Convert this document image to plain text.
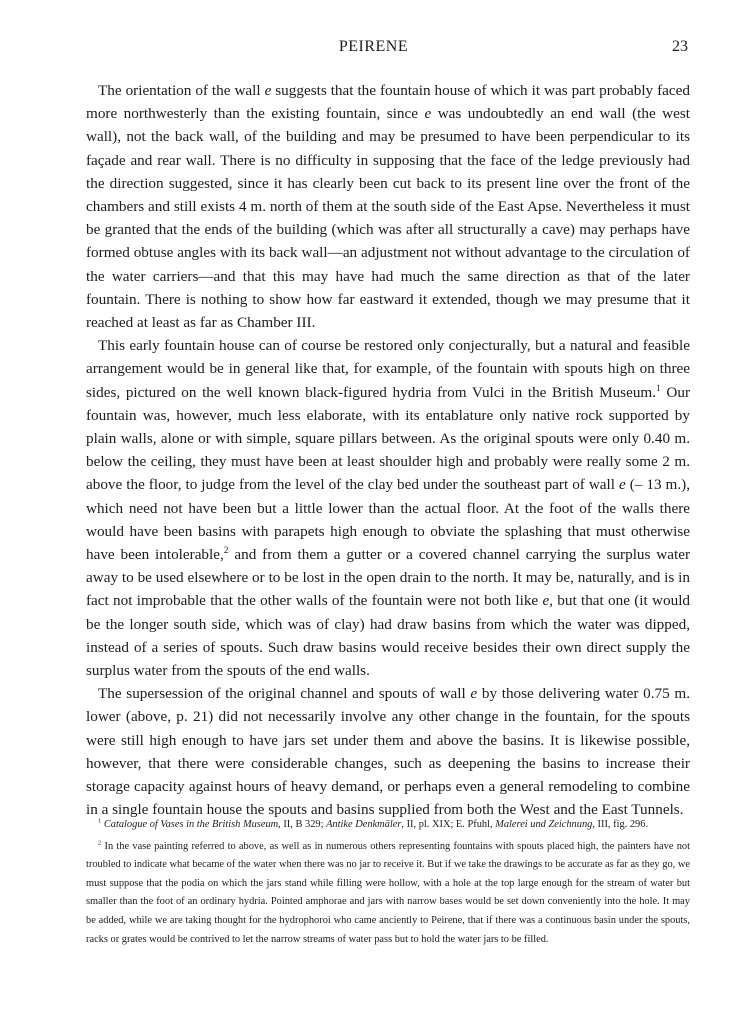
PEIRENE	23

The orientation of the wall e suggests that the fountain house of which it was part probably faced more northwesterly than the existing fountain, since e was undoubtedly an end wall (the west wall), not the back wall, of the building and may be presumed to have been perpendicular to its façade and rear wall. There is no difficulty in supposing that the face of the ledge previously had the direction suggested, since it has clearly been cut back to its present line over the front of the chambers and still exists 4 m. north of them at the south side of the East Apse. Nevertheless it must be granted that the ends of the building (which was after all structurally a cave) may perhaps have formed obtuse angles with its back wall—an adjustment not without advantage to the circulation of the water carriers—and that this may have had much the same direction as that of the later fountain. There is nothing to show how far eastward it extended, though we may presume that it reached at least as far as Chamber III.

This early fountain house can of course be restored only conjecturally, but a natural and feasible arrangement would be in general like that, for example, of the fountain with spouts high on three sides, pictured on the well known black-figured hydria from Vulci in the British Museum.$^1$ Our fountain was, however, much less elaborate, with its entablature only native rock supported by plain walls, alone or with simple, square pillars between. As the original spouts were only 0.40 m. below the ceiling, they must have been at least shoulder high and probably were really some 2 m. above the floor, to judge from the level of the clay bed under the southeast part of wall e (– 13 m.), which need not have been but a little lower than the actual floor. At the foot of the walls there would have been basins with parapets high enough to obviate the splashing that must otherwise have been intolerable,$^2$ and from them a gutter or a covered channel carrying the surplus water away to be used elsewhere or to be lost in the open drain to the north. It may be, naturally, and is in fact not improbable that the other walls of the fountain were not both like e, but that one (it would be the longer south side, which was of clay) had draw basins from which the water was dipped, instead of a series of spouts. Such draw basins would receive besides their own direct supply the surplus water from the spouts of the end walls.

The supersession of the original channel and spouts of wall e by those delivering water 0.75 m. lower (above, p. 21) did not necessarily involve any other change in the fountain, for the spouts were still high enough to have jars set under them and above the basins. It is likewise possible, however, that there were considerable changes, such as deepening the basins to increase their storage capacity against hours of heavy demand, or perhaps even a general remodeling to combine in a single fountain house the spouts and basins supplied from both the West and the East Tunnels.

$^1$ Catalogue of Vases in the British Museum, II, B 329; Antike Denkmäler, II, pl. XIX; E. Pfuhl, Malerei und Zeichnung, III, fig. 296.

$^2$ In the vase painting referred to above, as well as in numerous others representing fountains with spouts placed high, the painters have not troubled to indicate what became of the water when there was no jar to receive it. But if we take the drawings to be accurate as far as they go, we must suppose that the podia on which the jars stand while filling were hollow, with a hole at the top large enough for the stream of water but smaller than the foot of an ordinary hydria. Pointed amphorae and jars with narrow bases would be set down conveniently into the hole. It may be added, while we are taking thought for the hydrophoroi who came anciently to Peirene, that if there was a continuous basin under the spouts, racks or grates would be contrived to let the narrow streams of water pass but to hold the water jars to be filled.
